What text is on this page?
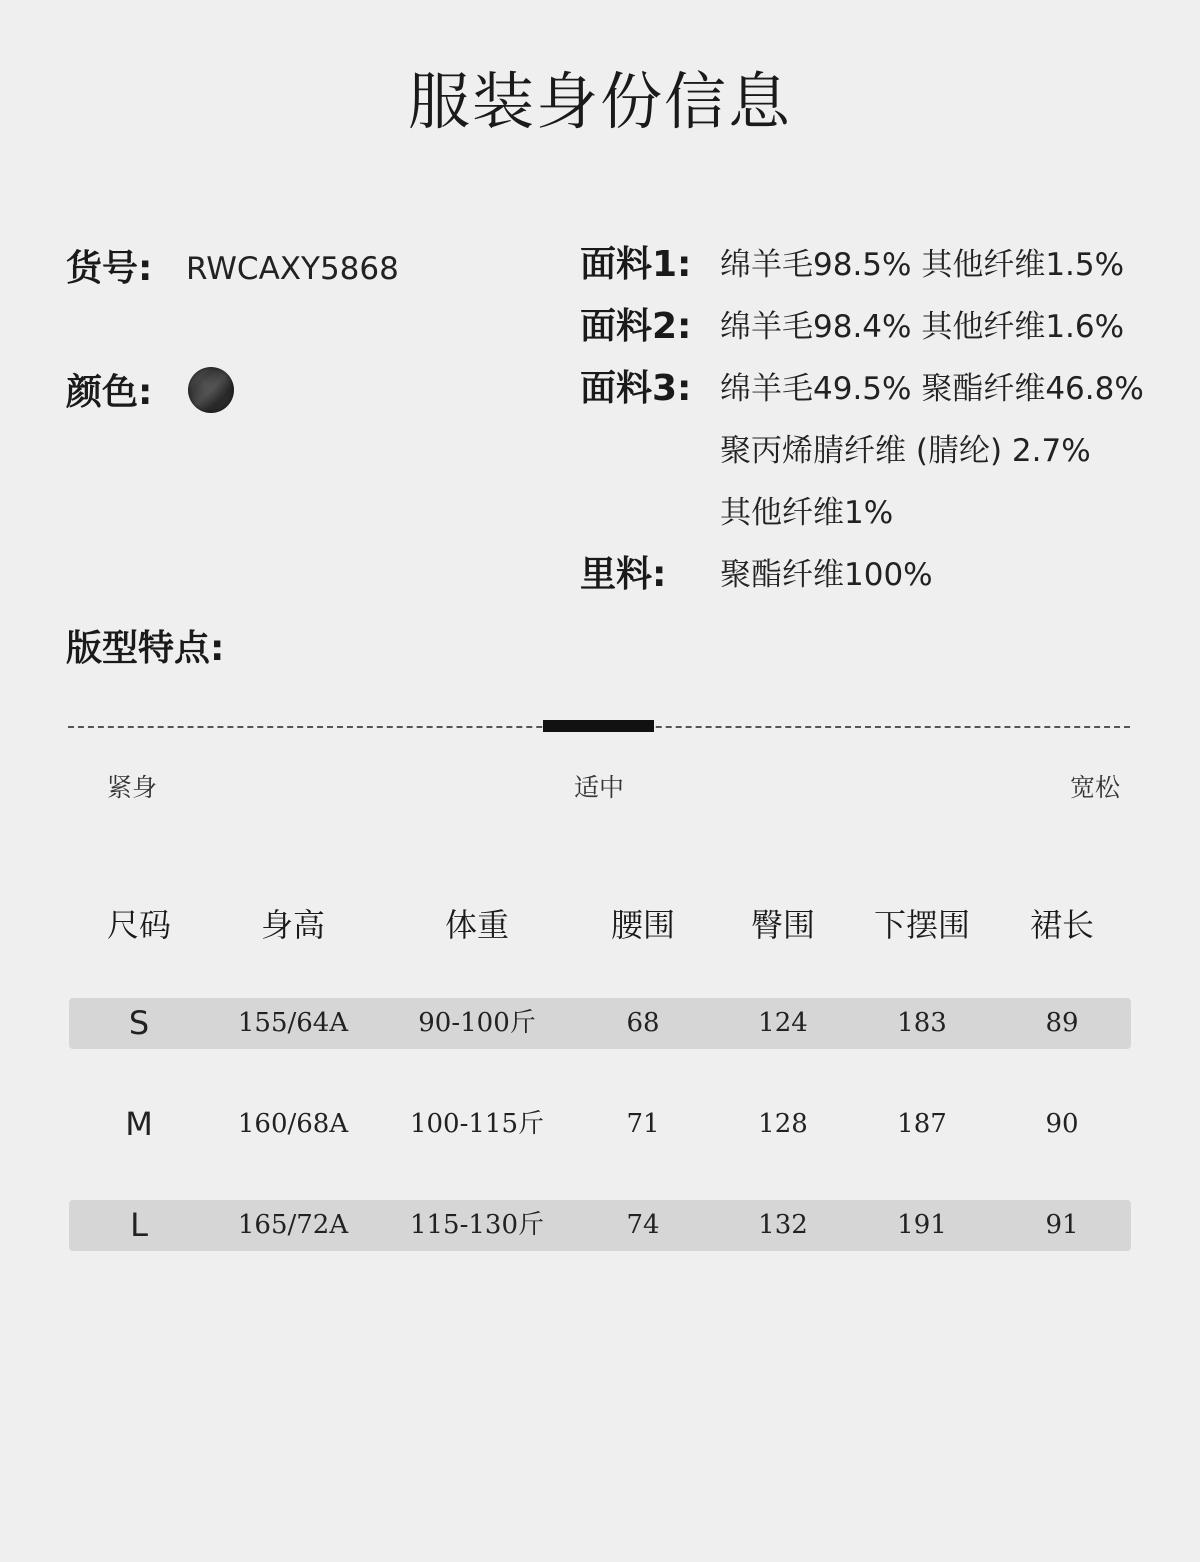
服装身份信息
货号: RWCAXY5868
颜色:
版型特点:
面料1: 绵羊毛98.5% 其他纤维1.5%
面料2: 绵羊毛98.4% 其他纤维1.6%
面料3: 绵羊毛49.5% 聚酯纤维46.8%
聚丙烯腈纤维 (腈纶) 2.7%
其他纤维1%
里料: 聚酯纤维100%
紧身	适中	宽松
尺码	身高	体重	腰围 臀围 下摆围 裙长
S	155/64A	90-100斤	68	124	183	89
M	160/68A 100-115斤	71	128	187	90
L	165/72A 115-130斤	74	132	191	91
